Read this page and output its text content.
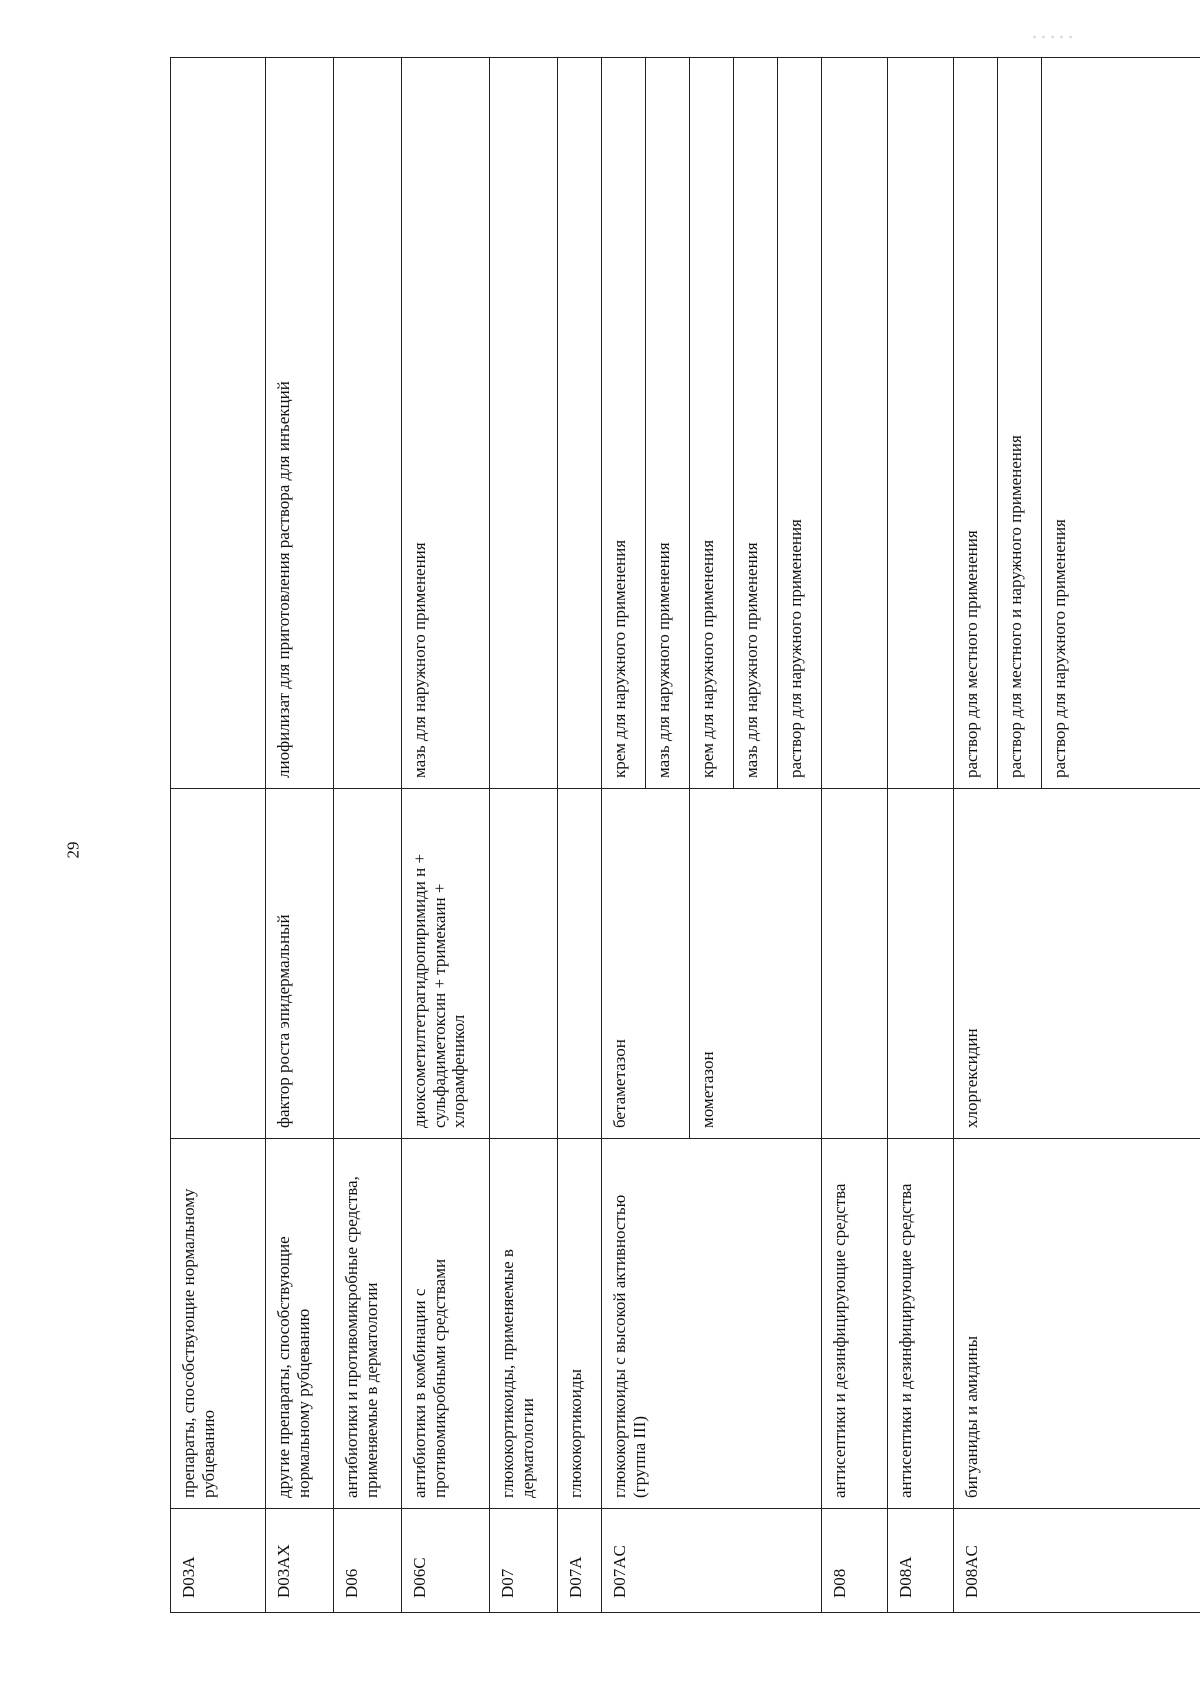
29
D03A	препараты, способствующие нормальному рубцеванию		
D03AX	другие препараты, способствующие нормальному рубцеванию	фактор роста эпидермальный	лиофилизат для приготовления раствора для инъекций
D06	антибиотики и противомикробные средства, применяемые в дерматологии		
D06C	антибиотики в комбинации с противомикробными средствами	диоксометилтетрагидропиримиди н + сульфадиметоксин + тримекаин + хлорамфеникол	мазь для наружного применения
D07	глюкокортикоиды, применяемые в дерматологии		
D07A	глюкокортикоиды		
D07AC	глюкокортикоиды с высокой активностью (группа III)	бетаметазон	крем для наружного применения
			мазь для наружного применения
		мометазон	крем для наружного применения
			мазь для наружного применения
			раствор для наружного применения
D08	антисептики и дезинфицирующие средства		
D08A	антисептики и дезинфицирующие средства		
D08AC	бигуаниды и амидины	хлоргексидин	раствор для местного применения
			раствор для местного и наружного применения
			раствор для наружного применения
